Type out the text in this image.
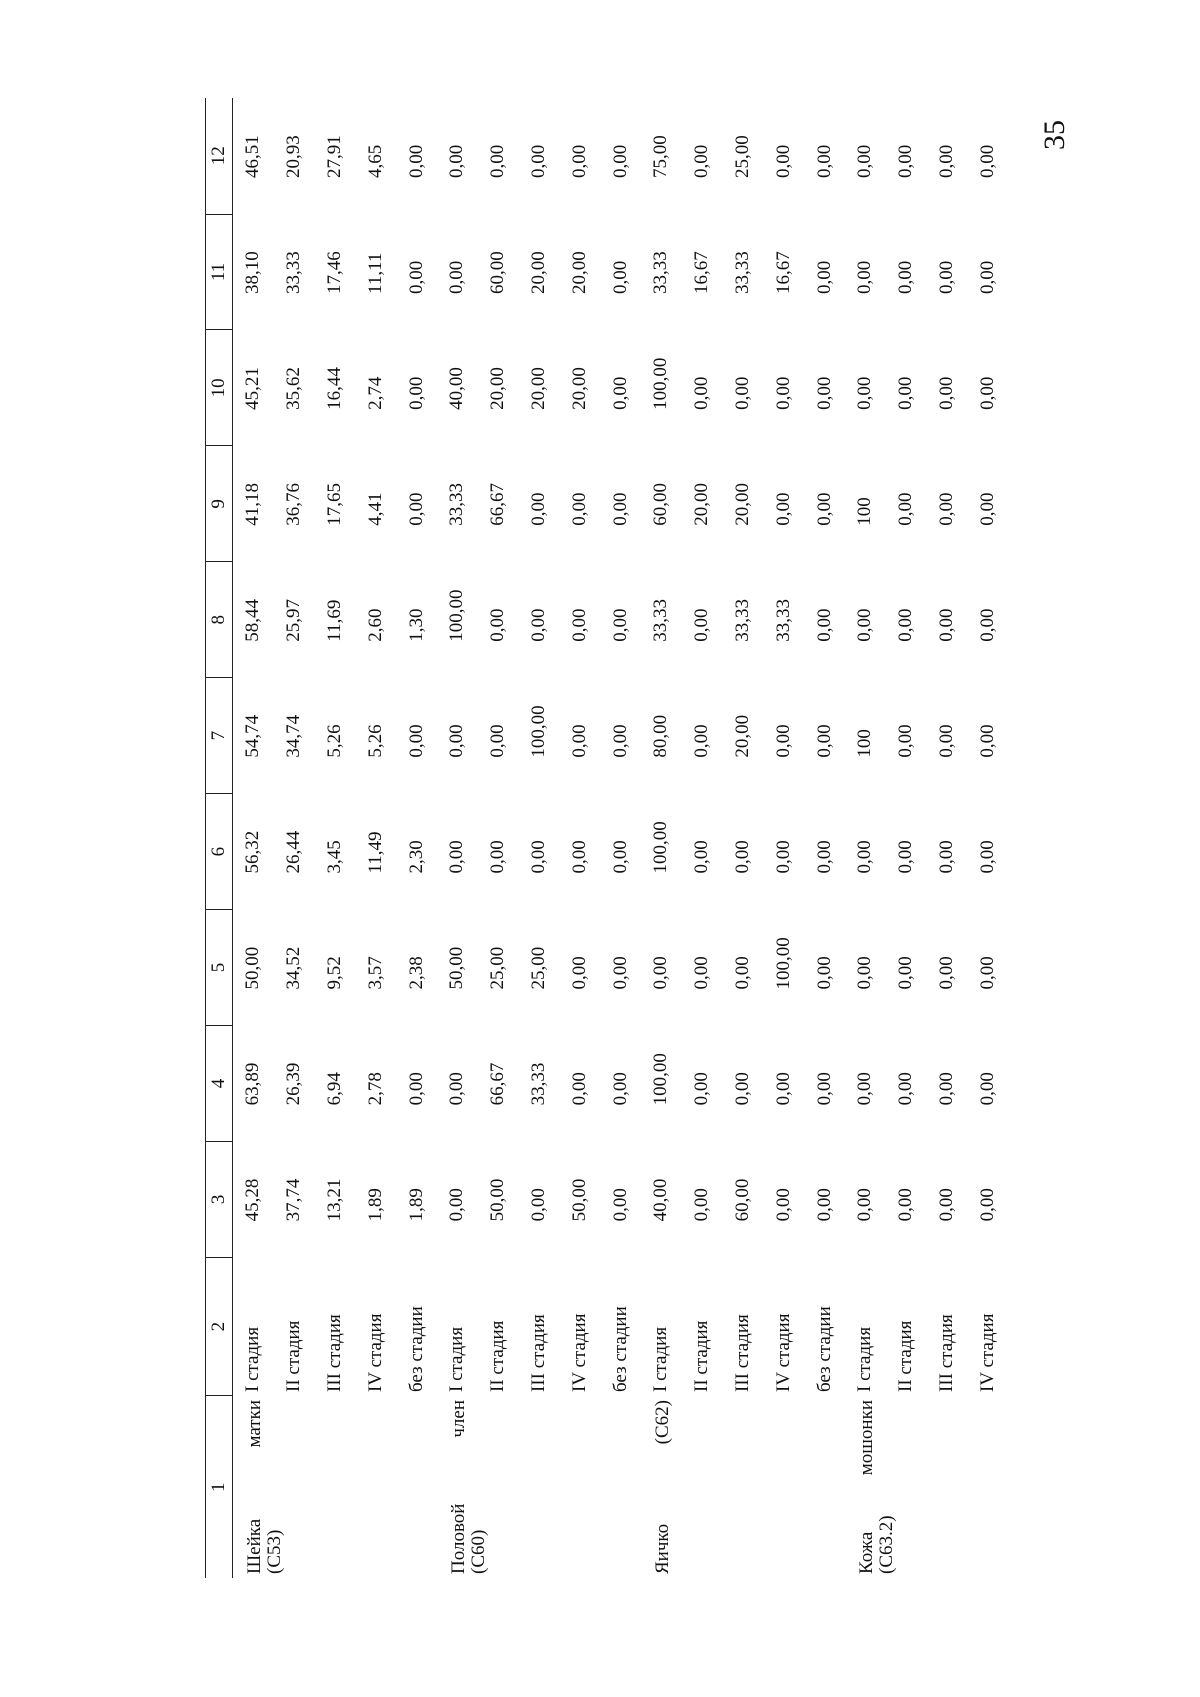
35
1	2	3	4	5	6	7	8	9	10	11	12

Шейка
матки
(C53)	I стадия	45,28	63,89	50,00	56,32	54,74	58,44	41,18	45,21	38,10	46,51
	II стадия	37,74	26,39	34,52	26,44	34,74	25,97	36,76	35,62	33,33	20,93
	III стадия	13,21	6,94	9,52	3,45	5,26	11,69	17,65	16,44	17,46	27,91
	IV стадия	1,89	2,78	3,57	11,49	5,26	2,60	4,41	2,74	11,11	4,65
	без стадии	1,89	0,00	2,38	2,30	0,00	1,30	0,00	0,00	0,00	0,00

Половой
член
(C60)	I стадия	0,00	0,00	50,00	0,00	0,00	100,00	33,33	40,00	0,00	0,00
	II стадия	50,00	66,67	25,00	0,00	0,00	0,00	66,67	20,00	60,00	0,00
	III стадия	0,00	33,33	25,00	0,00	100,00	0,00	0,00	20,00	20,00	0,00
	IV стадия	50,00	0,00	0,00	0,00	0,00	0,00	0,00	20,00	20,00	0,00
	без стадии	0,00	0,00	0,00	0,00	0,00	0,00	0,00	0,00	0,00	0,00

Яичко
(C62)	I стадия	40,00	100,00	0,00	100,00	80,00	33,33	60,00	100,00	33,33	75,00
	II стадия	0,00	0,00	0,00	0,00	0,00	0,00	20,00	0,00	16,67	0,00
	III стадия	60,00	0,00	0,00	0,00	20,00	33,33	20,00	0,00	33,33	25,00
	IV стадия	0,00	0,00	100,00	0,00	0,00	33,33	0,00	0,00	16,67	0,00
	без стадии	0,00	0,00	0,00	0,00	0,00	0,00	0,00	0,00	0,00	0,00

Кожа
мошонки
(C63.2)	I стадия	0,00	0,00	0,00	0,00	100	0,00	100	0,00	0,00	0,00
	II стадия	0,00	0,00	0,00	0,00	0,00	0,00	0,00	0,00	0,00	0,00
	III стадия	0,00	0,00	0,00	0,00	0,00	0,00	0,00	0,00	0,00	0,00
	IV стадия	0,00	0,00	0,00	0,00	0,00	0,00	0,00	0,00	0,00	0,00
